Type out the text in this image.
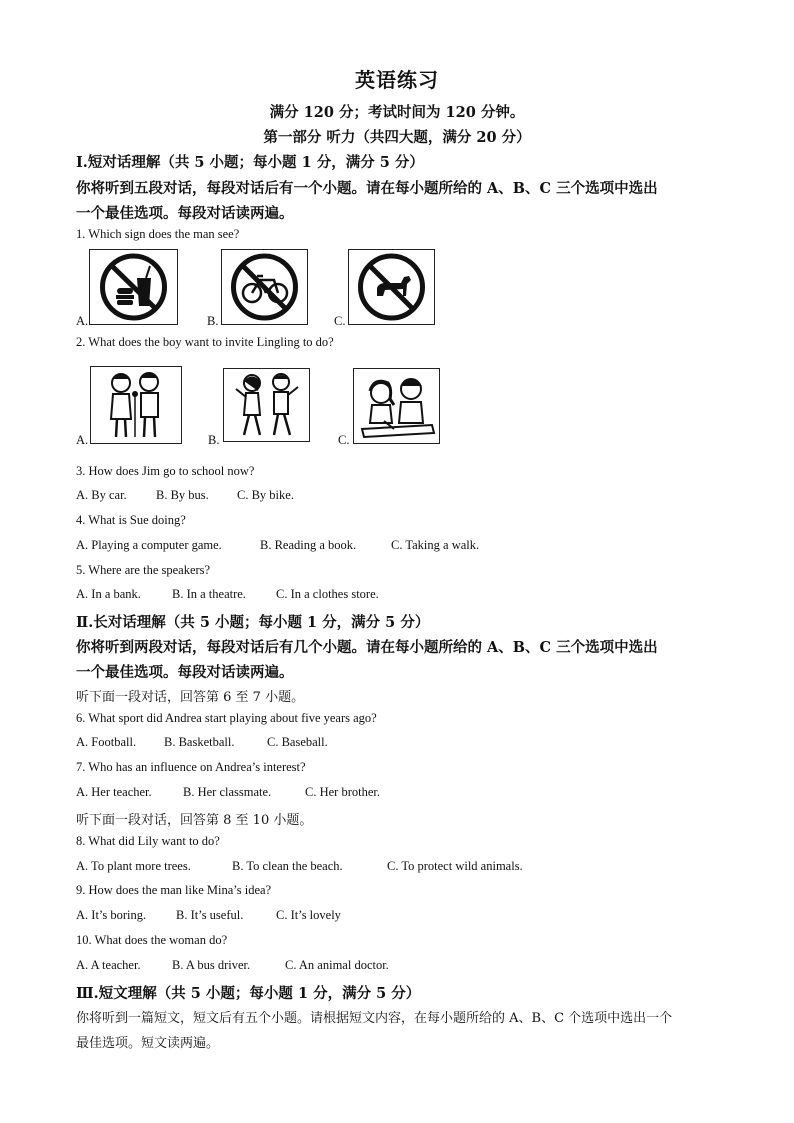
英语练习
满分 120 分；考试时间为 120 分钟。
第一部分 听力（共四大题，满分 20 分）
Ⅰ.短对话理解（共 5 小题；每小题 1 分，满分 5 分）
你将听到五段对话，每段对话后有一个小题。请在每小题所给的 A、B、C 三个选项中选出
一个最佳选项。每段对话读两遍。
1. Which sign does the man see?
A.	B.	C.
2. What does the boy want to invite Lingling to do?
A.	B.	C.
3. How does Jim go to school now?
A. By car. B. By bus. C. By bike.
4. What is Sue doing?
A. Playing a computer game.	B. Reading a book.	C. Taking a walk.
5. Where are the speakers?
A. In a bank. B. In a theatre. C. In a clothes store.
Ⅱ.长对话理解（共 5 小题；每小题 1 分，满分 5 分）
你将听到两段对话，每段对话后有几个小题。请在每小题所给的 A、B、C 三个选项中选出
一个最佳选项。每段对话读两遍。
听下面一段对话，回答第 6 至 7 小题。
6. What sport did Andrea start playing about five years ago?
A. Football. B. Basketball.	C. Baseball.
7. Who has an influence on Andrea’s interest?
A. Her teacher.	B. Her classmate.	C. Her brother.
听下面一段对话，回答第 8 至 10 小题。
8. What did Lily want to do?
A. To plant more trees.	B. To clean the beach.	C. To protect wild animals.
9. How does the man like Mina’s idea?
A. It’s boring. B. It’s useful.	C. It’s lovely
10. What does the woman do?
A. A teacher.	B. A bus driver.	C. An animal doctor.
Ⅲ.短文理解（共 5 小题；每小题 1 分，满分 5 分）
你将听到一篇短文，短文后有五个小题。请根据短文内容，在每小题所给的 A、B、C 个选项中选出一个
最佳选项。短文读两遍。
